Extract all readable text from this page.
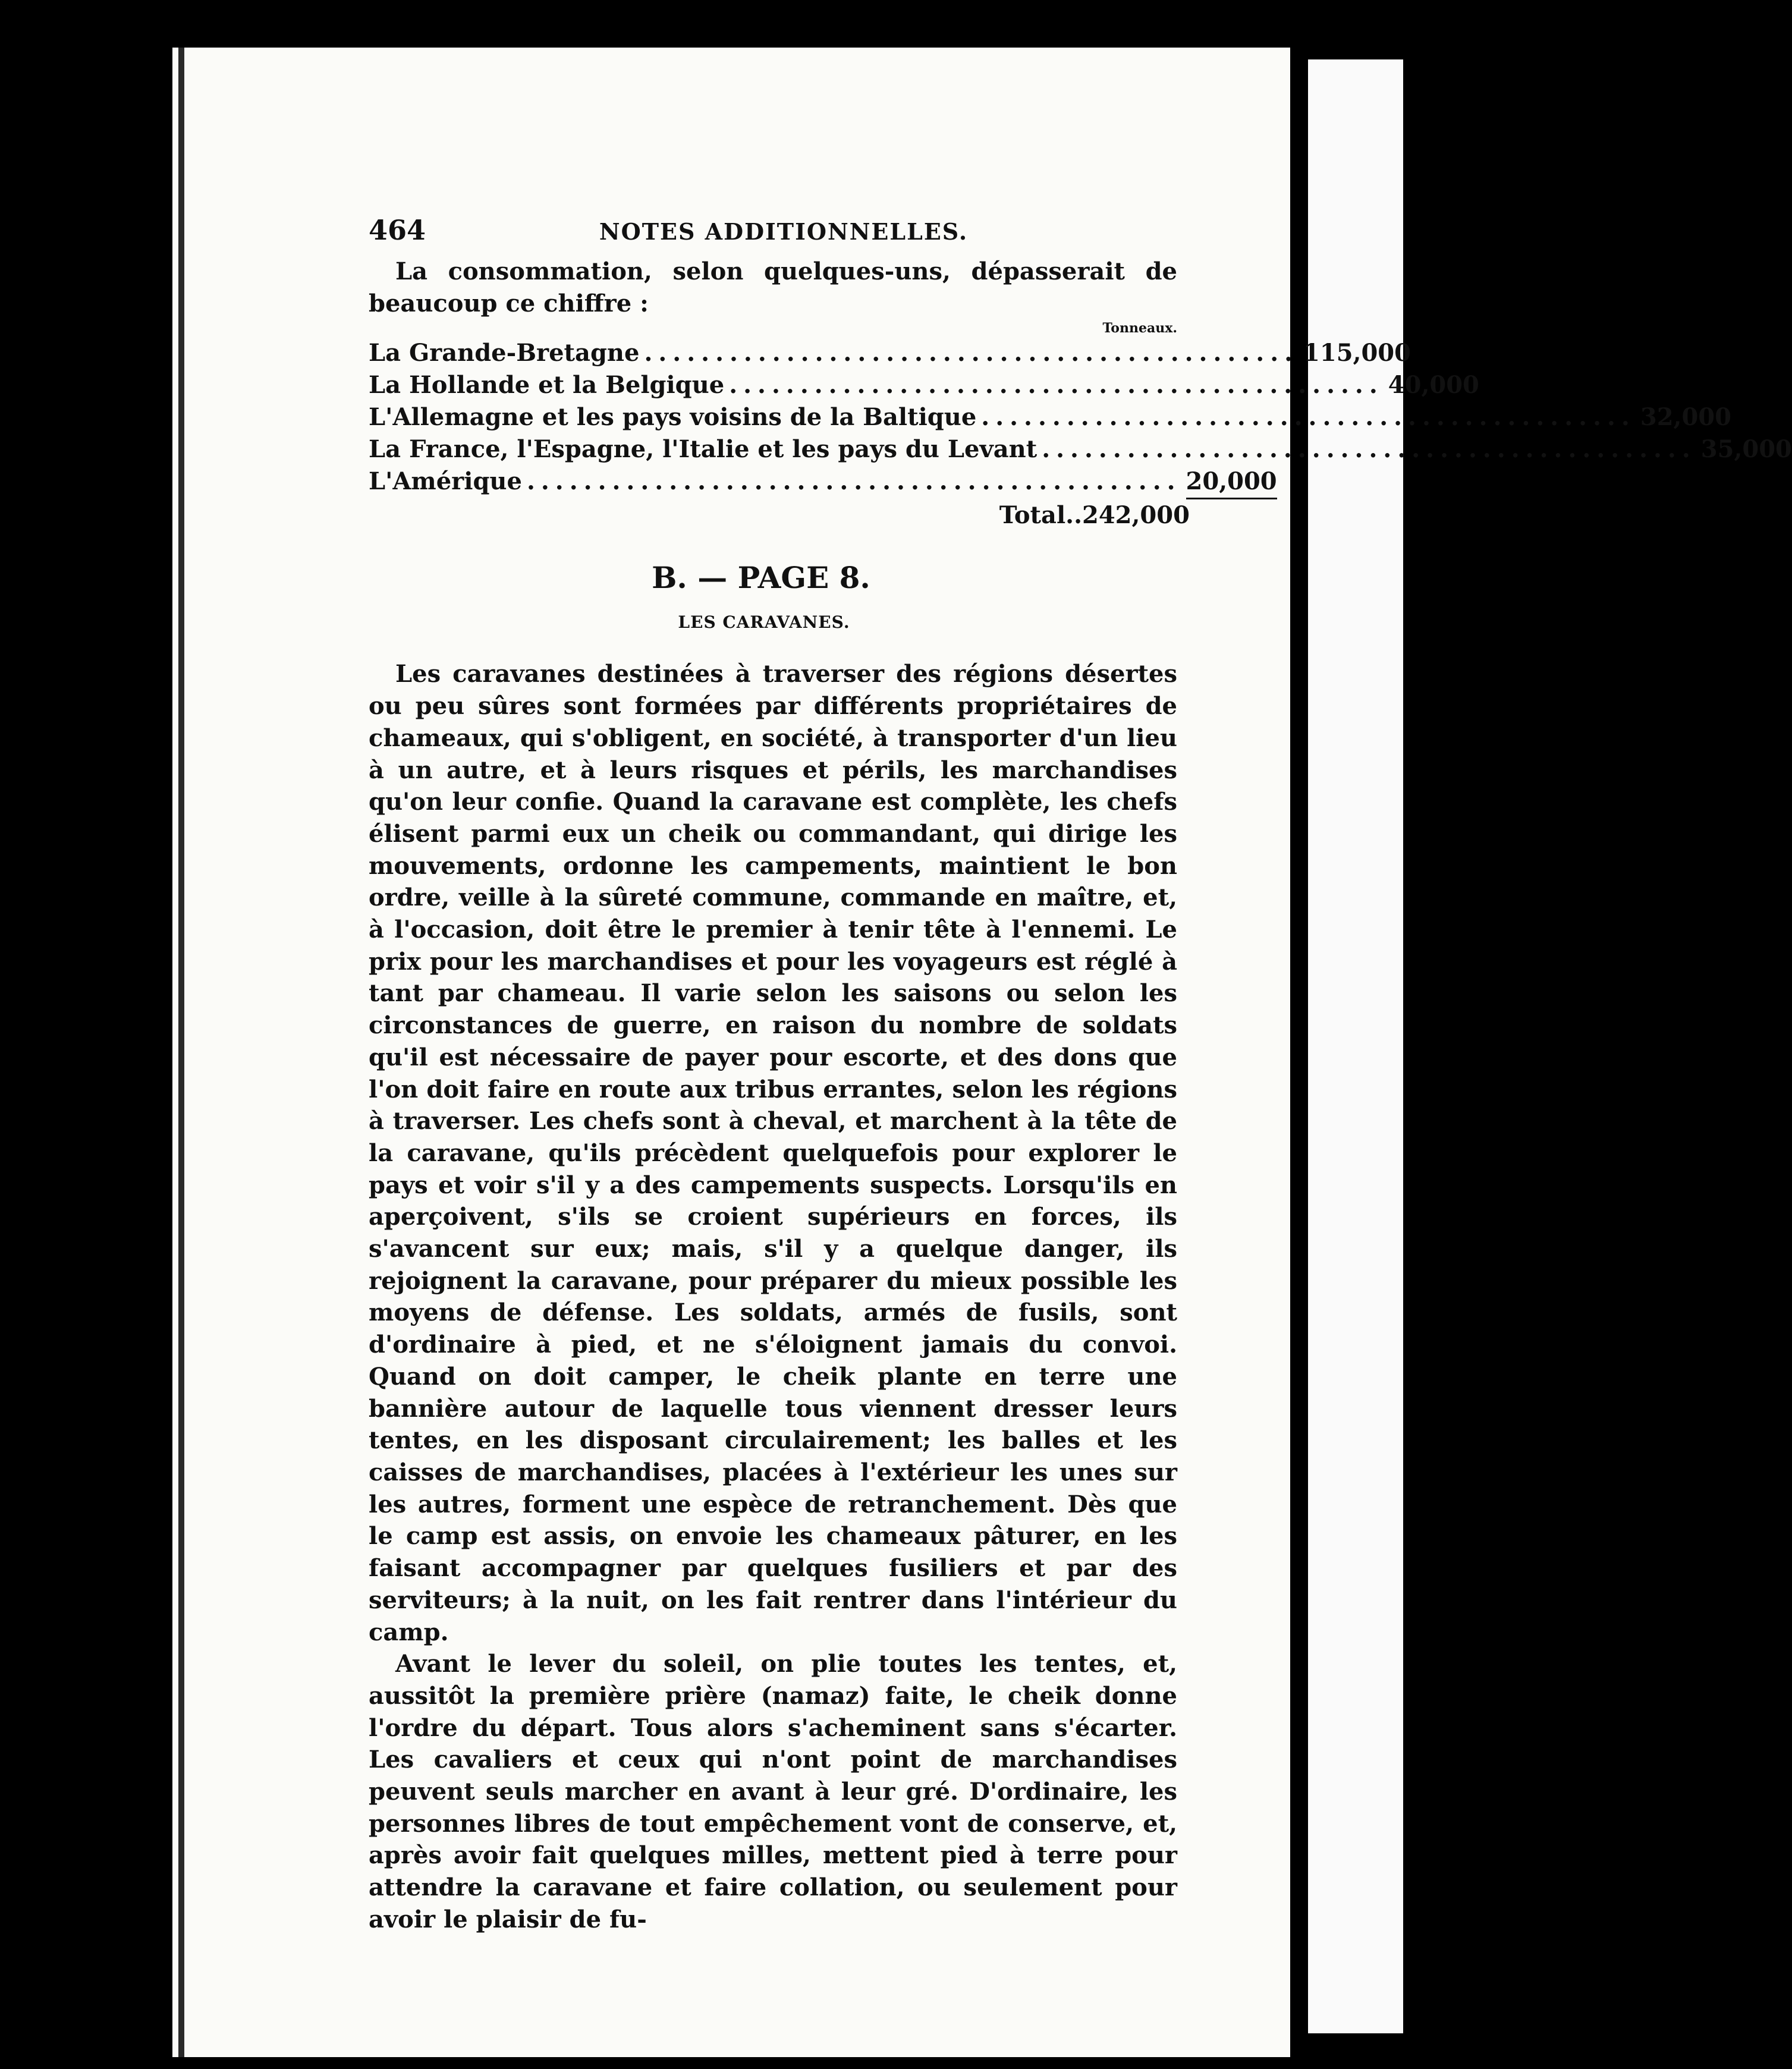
464	NOTES ADDITIONNELLES.

La consommation, selon quelques-uns, dépasserait de beaucoup ce chiffre :

Tonneaux.
La Grande-Bretagne .............................................. 115,000
La Hollande et la Belgique .............................................. 40,000
L'Allemagne et les pays voisins de la Baltique .............................................. 32,000
La France, l'Espagne, l'Italie et les pays du Levant .............................................. 35,000
L'Amérique .............................................. 20,000
Total.. 242,000
B. — PAGE 8.
LES CARAVANES.

Les caravanes destinées à traverser des régions désertes ou peu sûres sont formées par différents propriétaires de chameaux, qui s'obligent, en société, à transporter d'un lieu à un autre, et à leurs risques et périls, les marchandises qu'on leur confie. Quand la caravane est complète, les chefs élisent parmi eux un cheik ou commandant, qui dirige les mouvements, ordonne les campements, maintient le bon ordre, veille à la sûreté commune, commande en maître, et, à l'occasion, doit être le premier à tenir tête à l'ennemi. Le prix pour les marchandises et pour les voyageurs est réglé à tant par chameau. Il varie selon les saisons ou selon les circonstances de guerre, en raison du nombre de soldats qu'il est nécessaire de payer pour escorte, et des dons que l'on doit faire en route aux tribus errantes, selon les régions à traverser. Les chefs sont à cheval, et marchent à la tête de la caravane, qu'ils précèdent quelquefois pour explorer le pays et voir s'il y a des campements suspects. Lorsqu'ils en aperçoivent, s'ils se croient supérieurs en forces, ils s'avancent sur eux; mais, s'il y a quelque danger, ils rejoignent la caravane, pour préparer du mieux possible les moyens de défense. Les soldats, armés de fusils, sont d'ordinaire à pied, et ne s'éloignent jamais du convoi. Quand on doit camper, le cheik plante en terre une bannière autour de laquelle tous viennent dresser leurs tentes, en les disposant circulairement; les balles et les caisses de marchandises, placées à l'extérieur les unes sur les autres, forment une espèce de retranchement. Dès que le camp est assis, on envoie les chameaux pâturer, en les faisant accompagner par quelques fusiliers et par des serviteurs; à la nuit, on les fait rentrer dans l'intérieur du camp.

Avant le lever du soleil, on plie toutes les tentes, et, aussitôt la première prière (namaz) faite, le cheik donne l'ordre du départ. Tous alors s'acheminent sans s'écarter. Les cavaliers et ceux qui n'ont point de marchandises peuvent seuls marcher en avant à leur gré. D'ordinaire, les personnes libres de tout empêchement vont de conserve, et, après avoir fait quelques milles, mettent pied à terre pour attendre la caravane et faire collation, ou seulement pour avoir le plaisir de fu-
